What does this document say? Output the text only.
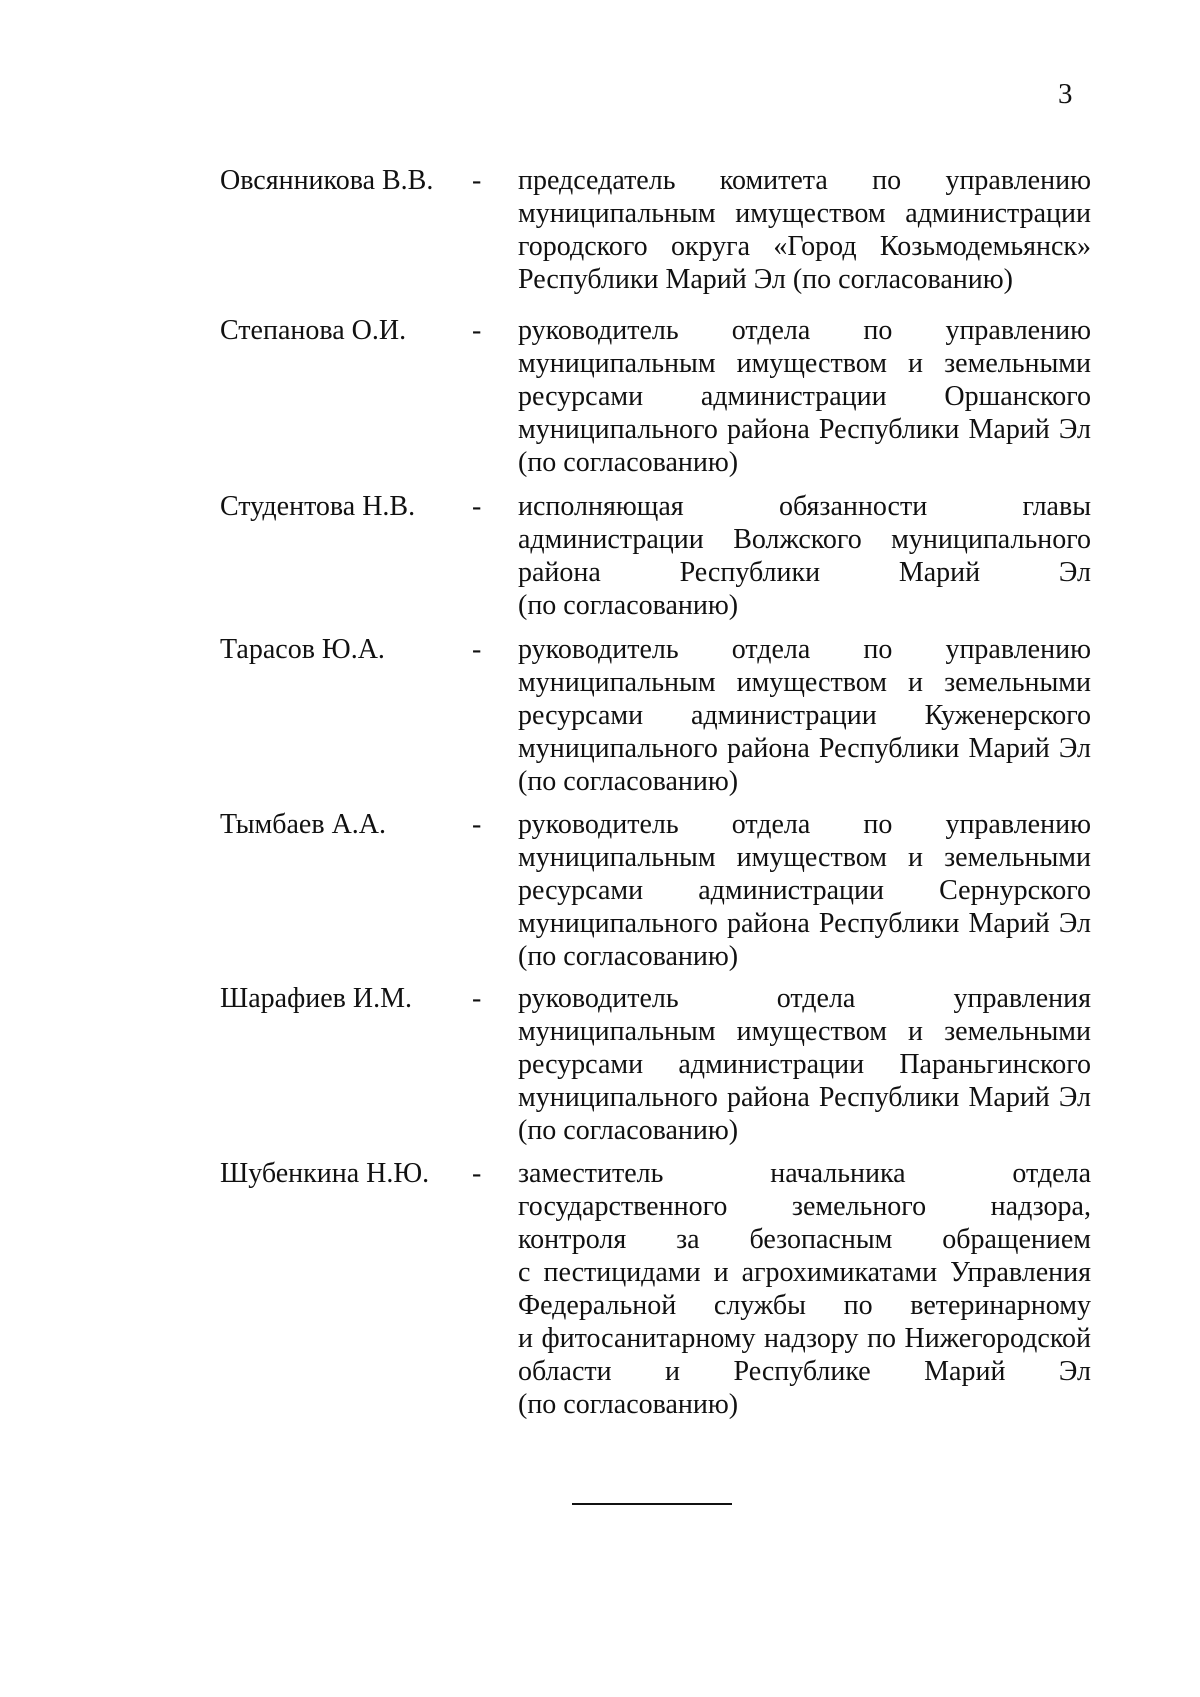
3
Овсянникова В.В. - председатель комитета по управлению
муниципальным имуществом администрации
городского округа «Город Козьмодемьянск»
Республики Марий Эл (по согласованию)
Степанова О.И. - руководитель отдела по управлению
муниципальным имуществом и земельными
ресурсами администрации Оршанского
муниципального района Республики Марий Эл
(по согласованию)
Студентова Н.В. - исполняющая обязанности главы
администрации Волжского муниципального
района Республики Марий Эл
(по согласованию)
Тарасов Ю.А.	- руководитель отдела по управлению
муниципальным имуществом и земельными
ресурсами администрации Куженерского
муниципального района Республики Марий Эл
(по согласованию)
Тымбаев А.А.	- руководитель отдела по управлению
муниципальным имуществом и земельными
ресурсами администрации Сернурского
муниципального района Республики Марий Эл
(по согласованию)
Шарафиев И.М. - руководитель отдела управления
муниципальным имуществом и земельными
ресурсами администрации Параньгинского
муниципального района Республики Марий Эл
(по согласованию)
Шубенкина Н.Ю. - заместитель начальника отдела
государственного земельного надзора,
контроля за безопасным обращением
с пестицидами и агрохимикатами Управления
Федеральной службы по ветеринарному
и фитосанитарному надзору по Нижегородской
области и Республике Марий Эл
(по согласованию)
